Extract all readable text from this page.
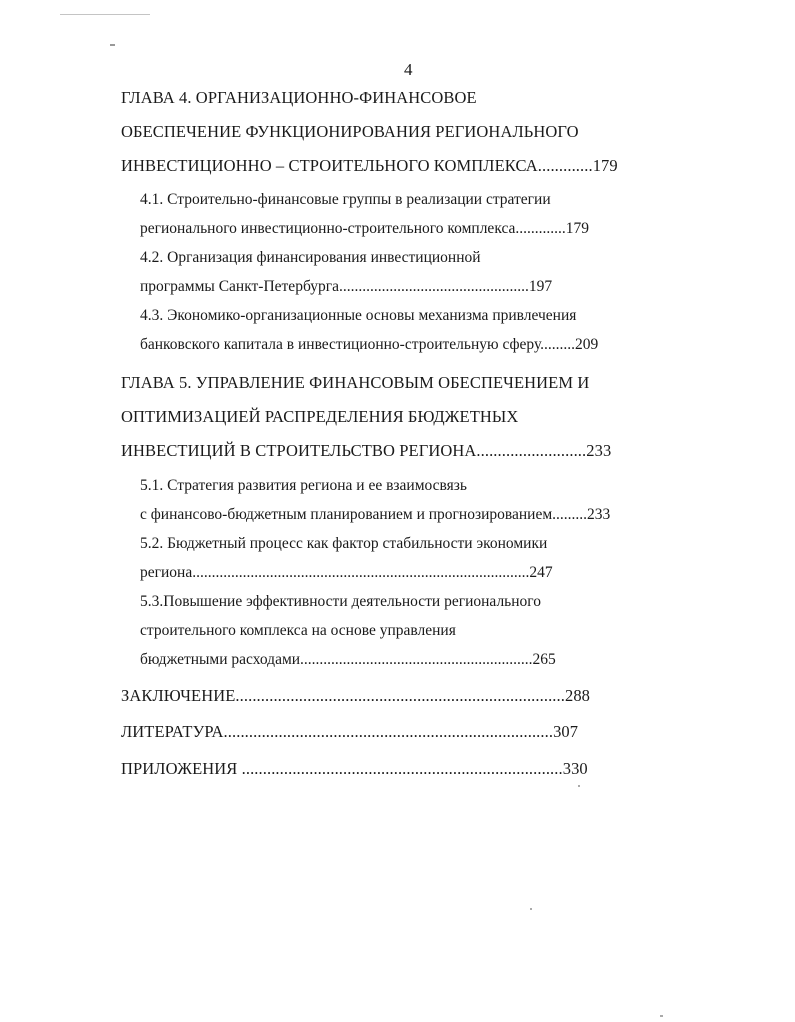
4
ГЛАВА 4. ОРГАНИЗАЦИОННО-ФИНАНСОВОЕ
ОБЕСПЕЧЕНИЕ ФУНКЦИОНИРОВАНИЯ РЕГИОНАЛЬНОГО
ИНВЕСТИЦИОННО – СТРОИТЕЛЬНОГО КОМПЛЕКСА.............179
4.1. Строительно-финансовые группы в реализации стратегии
регионального инвестиционно-строительного комплекса.............179
4.2. Организация финансирования инвестиционной
программы Санкт-Петербурга.................................................197
4.3. Экономико-организационные основы механизма привлечения
банковского капитала в инвестиционно-строительную сферу.........209
ГЛАВА 5. УПРАВЛЕНИЕ ФИНАНСОВЫМ ОБЕСПЕЧЕНИЕМ И
ОПТИМИЗАЦИЕЙ РАСПРЕДЕЛЕНИЯ БЮДЖЕТНЫХ
ИНВЕСТИЦИЙ В СТРОИТЕЛЬСТВО РЕГИОНА..........................233
5.1. Стратегия развития региона и ее взаимосвязь
с финансово-бюджетным планированием и прогнозированием.........233
5.2. Бюджетный процесс как фактор стабильности экономики
региона.......................................................................................247
5.3.Повышение эффективности деятельности регионального
строительного комплекса на основе управления
бюджетными расходами............................................................265
ЗАКЛЮЧЕНИЕ..............................................................................288
ЛИТЕРАТУРА..............................................................................307
ПРИЛОЖЕНИЯ ............................................................................330
